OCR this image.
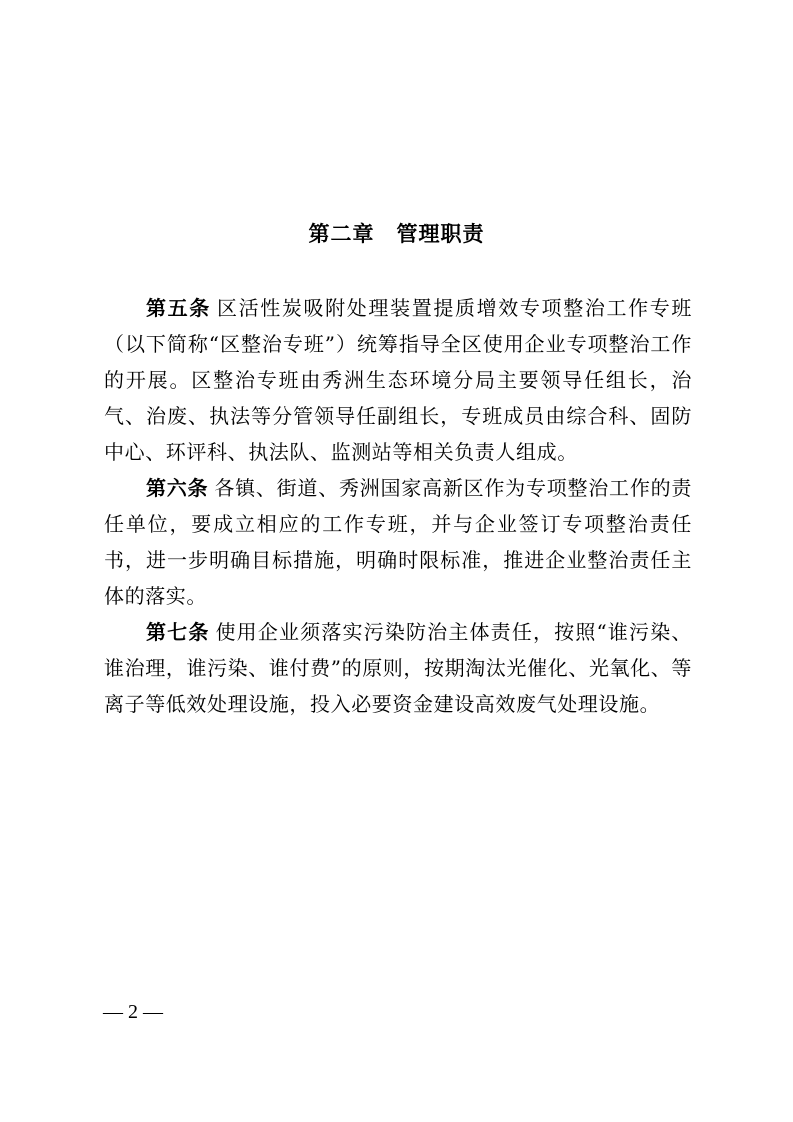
第二章　管理职责

第五条 区活性炭吸附处理装置提质增效专项整治工作专班（以下简称“区整治专班”）统筹指导全区使用企业专项整治工作的开展。区整治专班由秀洲生态环境分局主要领导任组长，治气、治废、执法等分管领导任副组长，专班成员由综合科、固防中心、环评科、执法队、监测站等相关负责人组成。

第六条 各镇、街道、秀洲国家高新区作为专项整治工作的责任单位，要成立相应的工作专班，并与企业签订专项整治责任书，进一步明确目标措施，明确时限标准，推进企业整治责任主体的落实。

第七条 使用企业须落实污染防治主体责任，按照“谁污染、谁治理，谁污染、谁付费”的原则，按期淘汰光催化、光氧化、等离子等低效处理设施，投入必要资金建设高效废气处理设施。

— 2 —
